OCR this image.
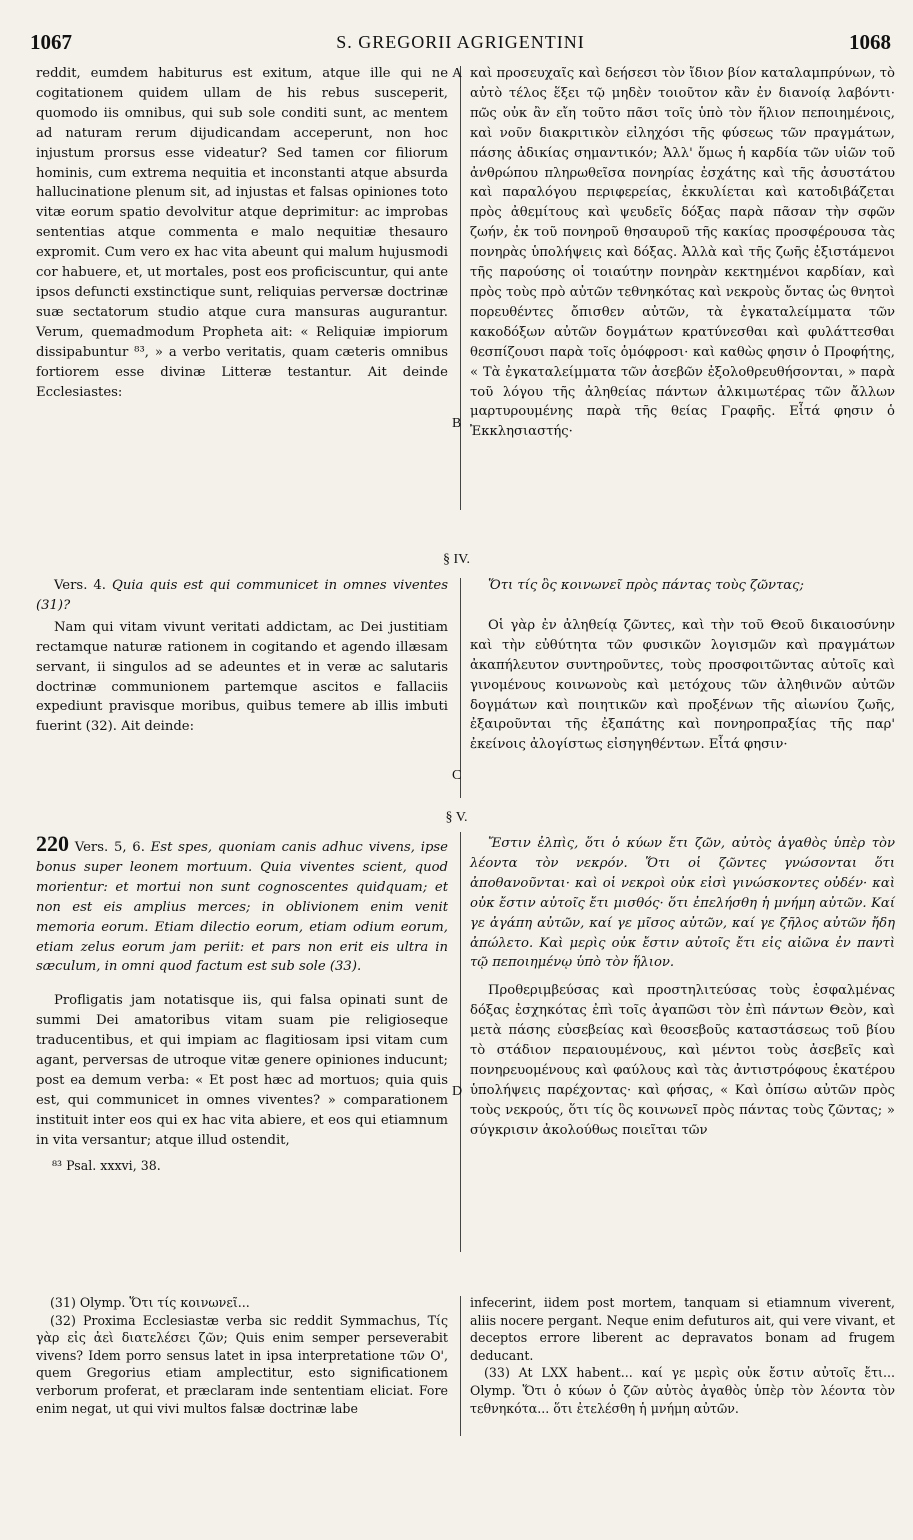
1067	S. GREGORII AGRIGENTINI	1068
A
B
C
D

reddit, eumdem habiturus est exitum, atque ille qui ne cogitationem quidem ullam de his rebus susceperit, quomodo iis omnibus, qui sub sole conditi sunt, ac mentem ad naturam rerum dijudicandam acceperunt, non hoc injustum prorsus esse videatur? Sed tamen cor filiorum hominis, cum extrema nequitia et inconstanti atque absurda hallucinatione plenum sit, ad injustas et falsas opiniones toto vitæ eorum spatio devolvitur atque deprimitur: ac improbas sententias atque commenta e malo nequitiæ thesauro expromit. Cum vero ex hac vita abeunt qui malum hujusmodi cor habuere, et, ut mortales, post eos proficiscuntur, qui ante ipsos defuncti exstinctique sunt, reliquias perversæ doctrinæ suæ sectatorum studio atque cura mansuras augurantur. Verum, quemadmodum Propheta ait: « Reliquiæ impiorum dissipabuntur ⁸³, » a verbo veritatis, quam cæteris omnibus fortiorem esse divinæ Litteræ testantur. Ait deinde Ecclesiastes:

καὶ προσευχαῖς καὶ δεήσεσι τὸν ἴδιον βίον καταλαμπρύνων, τὸ αὐτὸ τέλος ἕξει τῷ μηδὲν τοιοῦτον κἂν ἐν διανοίᾳ λαβόντι· πῶς οὐκ ἂν εἴη τοῦτο πᾶσι τοῖς ὑπὸ τὸν ἥλιον πεποιημένοις, καὶ νοῦν διακριτικὸν εἰληχόσι τῆς φύσεως τῶν πραγμάτων, πάσης ἀδικίας σημαντικόν; Ἀλλ' ὅμως ἡ καρδία τῶν υἱῶν τοῦ ἀνθρώπου πληρωθεῖσα πονηρίας ἐσχάτης καὶ τῆς ἀσυστάτου καὶ παραλόγου περιφερείας, ἐκκυλίεται καὶ κατοδιβάζεται πρὸς ἀθεμίτους καὶ ψευδεῖς δόξας παρὰ πᾶσαν τὴν σφῶν ζωήν, ἐκ τοῦ πονηροῦ θησαυροῦ τῆς κακίας προσφέρουσα τὰς πονηρὰς ὑπολήψεις καὶ δόξας. Ἀλλὰ καὶ τῆς ζωῆς ἐξιστάμενοι τῆς παρούσης οἱ τοιαύτην πονηρὰν κεκτημένοι καρδίαν, καὶ πρὸς τοὺς πρὸ αὐτῶν τεθνηκότας καὶ νεκροὺς ὄντας ὡς θνητοὶ πορευθέντες ὄπισθεν αὐτῶν, τὰ ἐγκαταλείμματα τῶν κακοδόξων αὐτῶν δογμάτων κρατύνεσθαι καὶ φυλάττεσθαι θεσπίζουσι παρὰ τοῖς ὁμόφροσι· καὶ καθὼς φησιν ὁ Προφήτης, « Τὰ ἐγκαταλείμματα τῶν ἀσεβῶν ἐξολοθρευθήσονται, » παρὰ τοῦ λόγου τῆς ἀληθείας πάντων ἀλκιμωτέρας τῶν ἄλλων μαρτυρουμένης παρὰ τῆς θείας Γραφῆς. Εἶτά φησιν ὁ Ἐκκλησιαστής·

§ IV.

Vers. 4. Quia quis est qui communicet in omnes viventes (31)?

Nam qui vitam vivunt veritati addictam, ac Dei justitiam rectamque naturæ rationem in cogitando et agendo illæsam servant, ii singulos ad se adeuntes et in veræ ac salutaris doctrinæ communionem partemque ascitos e fallaciis expediunt pravisque moribus, quibus temere ab illis imbuti fuerint (32). Ait deinde:

Ὅτι τίς ὃς κοινωνεῖ πρὸς πάντας τοὺς ζῶντας;

Οἱ γὰρ ἐν ἀληθείᾳ ζῶντες, καὶ τὴν τοῦ Θεοῦ δικαιοσύνην καὶ τὴν εὐθύτητα τῶν φυσικῶν λογισμῶν καὶ πραγμάτων ἀκαπήλευτον συντηροῦντες, τοὺς προσφοιτῶντας αὐτοῖς καὶ γινομένους κοινωνοὺς καὶ μετόχους τῶν ἀληθινῶν αὐτῶν δογμάτων καὶ ποιητικῶν καὶ προξένων τῆς αἰωνίου ζωῆς, ἐξαιροῦνται τῆς ἐξαπάτης καὶ πονηροπραξίας τῆς παρ' ἐκείνοις ἀλογίστως εἰσηγηθέντων. Εἶτά φησιν·

§ V.

220 Vers. 5, 6. Est spes, quoniam canis adhuc vivens, ipse bonus super leonem mortuum. Quia viventes scient, quod morientur: et mortui non sunt cognoscentes quidquam; et non est eis amplius merces; in oblivionem enim venit memoria eorum. Etiam dilectio eorum, etiam odium eorum, etiam zelus eorum jam periit: et pars non erit eis ultra in sæculum, in omni quod factum est sub sole (33).

Profligatis jam notatisque iis, qui falsa opinati sunt de summi Dei amatoribus vitam suam pie religioseque traducentibus, et qui impiam ac flagitiosam ipsi vitam cum agant, perversas de utroque vitæ genere opiniones inducunt; post ea demum verba: « Et post hæc ad mortuos; quia quis est, qui communicet in omnes viventes? » comparationem instituit inter eos qui ex hac vita abiere, et eos qui etiamnum in vita versantur; atque illud ostendit,

⁸³ Psal. xxxvi, 38.

Ἔστιν ἐλπὶς, ὅτι ὁ κύων ἔτι ζῶν, αὐτὸς ἀγαθὸς ὑπὲρ τὸν λέοντα τὸν νεκρόν. Ὅτι οἱ ζῶντες γνώσονται ὅτι ἀποθανοῦνται· καὶ οἱ νεκροὶ οὐκ εἰσὶ γινώσκοντες οὐδέν· καὶ οὐκ ἔστιν αὐτοῖς ἔτι μισθός· ὅτι ἐπελήσθη ἡ μνήμη αὐτῶν. Καί γε ἀγάπη αὐτῶν, καί γε μῖσος αὐτῶν, καί γε ζῆλος αὐτῶν ἤδη ἀπώλετο. Καὶ μερὶς οὐκ ἔστιν αὐτοῖς ἔτι εἰς αἰῶνα ἐν παντὶ τῷ πεποιημένῳ ὑπὸ τὸν ἥλιον.

Προθεριμβεύσας καὶ προστηλιτεύσας τοὺς ἐσφαλμένας δόξας ἐσχηκότας ἐπὶ τοῖς ἀγαπῶσι τὸν ἐπὶ πάντων Θεὸν, καὶ μετὰ πάσης εὐσεβείας καὶ θεοσεβοῦς καταστάσεως τοῦ βίου τὸ στάδιον περαιουμένους, καὶ μέντοι τοὺς ἀσεβεῖς καὶ πονηρευομένους καὶ φαύλους καὶ τὰς ἀντιστρόφους ἑκατέρου ὑπολήψεις παρέχοντας· καὶ φήσας, « Καὶ ὀπίσω αὐτῶν πρὸς τοὺς νεκρούς, ὅτι τίς ὃς κοινωνεῖ πρὸς πάντας τοὺς ζῶντας; » σύγκρισιν ἀκολούθως ποιεῖται τῶν

(31) Olymp. Ὅτι τίς κοινωνεῖ...

(32) Proxima Ecclesiastæ verba sic reddit Symmachus, Τίς γὰρ εἰς ἀεὶ διατελέσει ζῶν; Quis enim semper perseverabit vivens? Idem porro sensus latet in ipsa interpretatione τῶν O', quem Gregorius etiam amplectitur, esto significationem verborum proferat, et præclaram inde sententiam eliciat. Fore enim negat, ut qui vivi multos falsæ doctrinæ labe

infecerint, iidem post mortem, tanquam si etiamnum viverent, aliis nocere pergant. Neque enim defuturos ait, qui vere vivant, et deceptos errore liberent ac depravatos bonam ad frugem deducant.

(33) At LXX habent... καί γε μερὶς οὐκ ἔστιν αὐτοῖς ἔτι... Olymp. Ὅτι ὁ κύων ὁ ζῶν αὐτὸς ἀγαθὸς ὑπὲρ τὸν λέοντα τὸν τεθνηκότα... ὅτι ἐτελέσθη ἡ μνήμη αὐτῶν.
